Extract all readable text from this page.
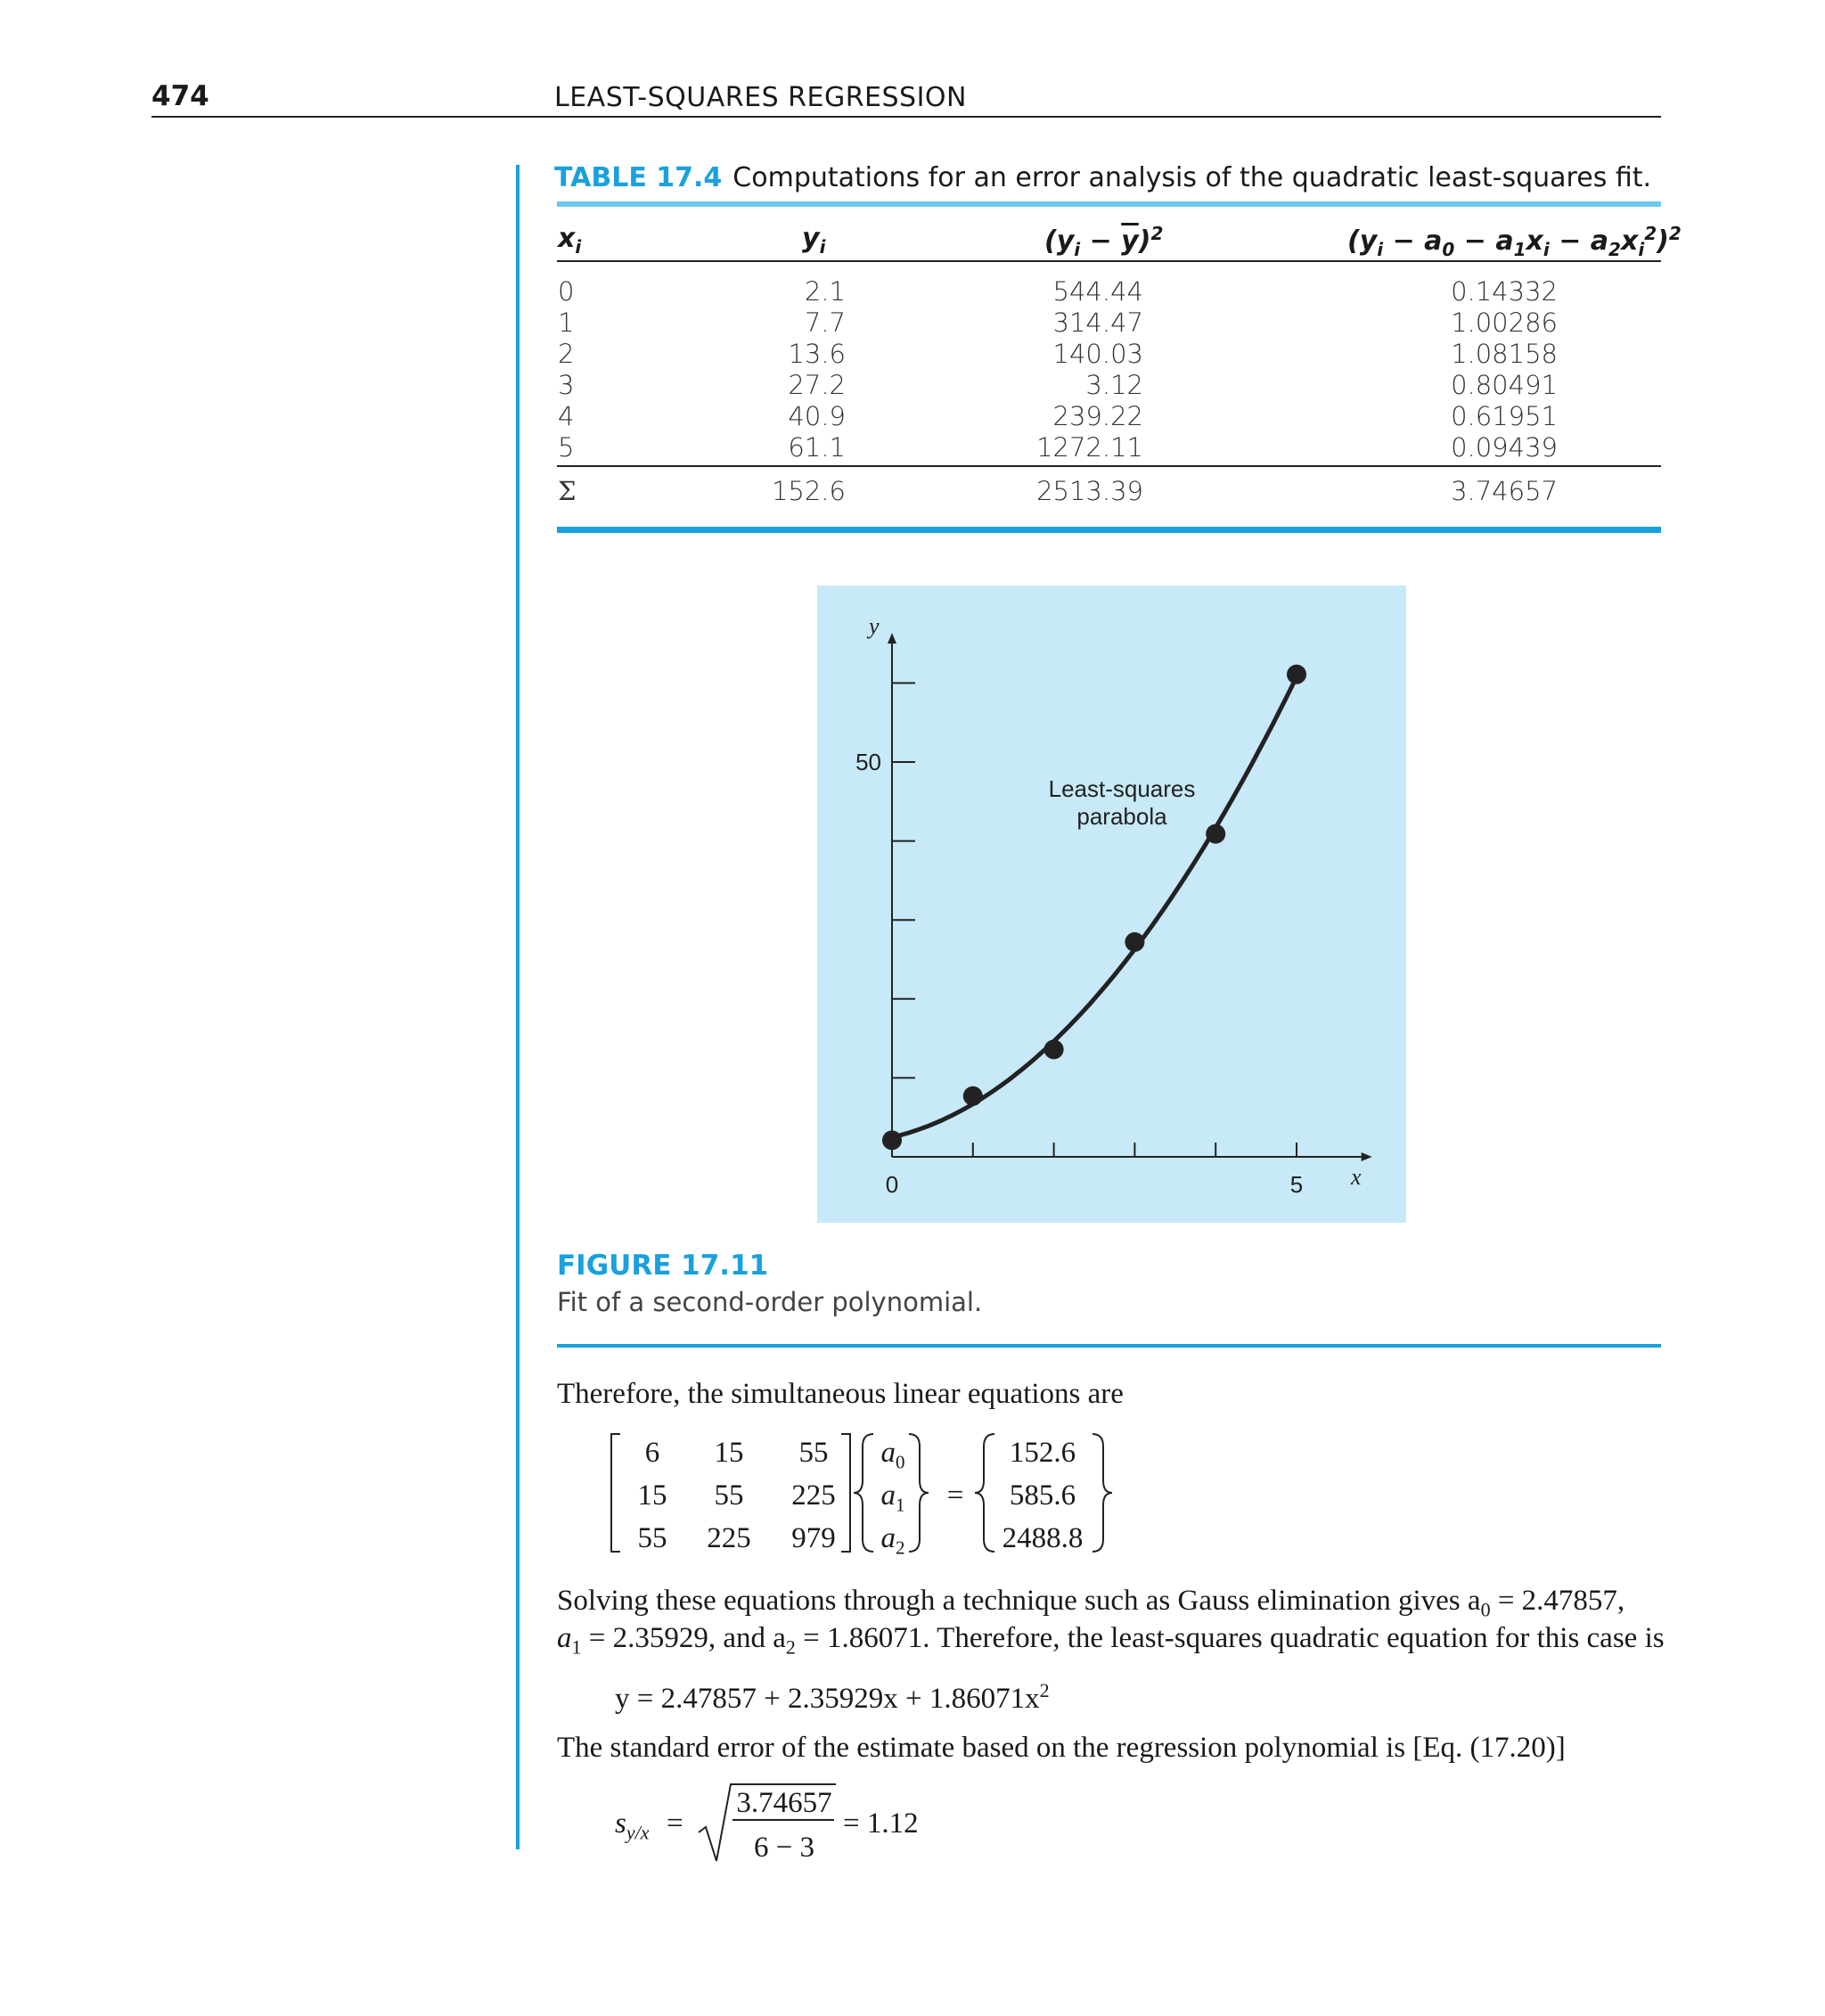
474	LEAST-SQUARES REGRESSION
TABLE 17.4 Computations for an error analysis of the quadratic least-squares fit.
$x_i$	$y_i$	$(y_i - \overline{y})^2$	$(y_i - a_0 - a_1x_i - a_2x_i^2)^2$
0	2.1	544.44	0.14332
1	7.7	314.47	1.00286
2	13.6	140.03	1.08158
3	27.2	3.12	0.80491
4	40.9	239.22	0.61951
5	61.1	1272.11	0.09439
Σ	152.6	2513.39	3.74657
0	5
50
y
x
Least-squares
parabola
FIGURE 17.11
Fit of a second-order polynomial.
Therefore, the simultaneous linear equations are
6	15	55
15 55 225
55 225 979
$a_0$
$a_1$
$a_2$
=
152.6
585.6
2488.8
Solving these equations through a technique such as Gauss elimination gives $a_0 = 2.47857$,
$a_1 = 2.35929$, and $a_2 = 1.86071$. Therefore, the least-squares quadratic equation for this case is
$y = 2.47857 + 2.35929x + 1.86071x^2$
The standard error of the estimate based on the regression polynomial is [Eq. (17.20)]
$s_{y/x}$ =
3.74657
6 − 3
= 1.12
